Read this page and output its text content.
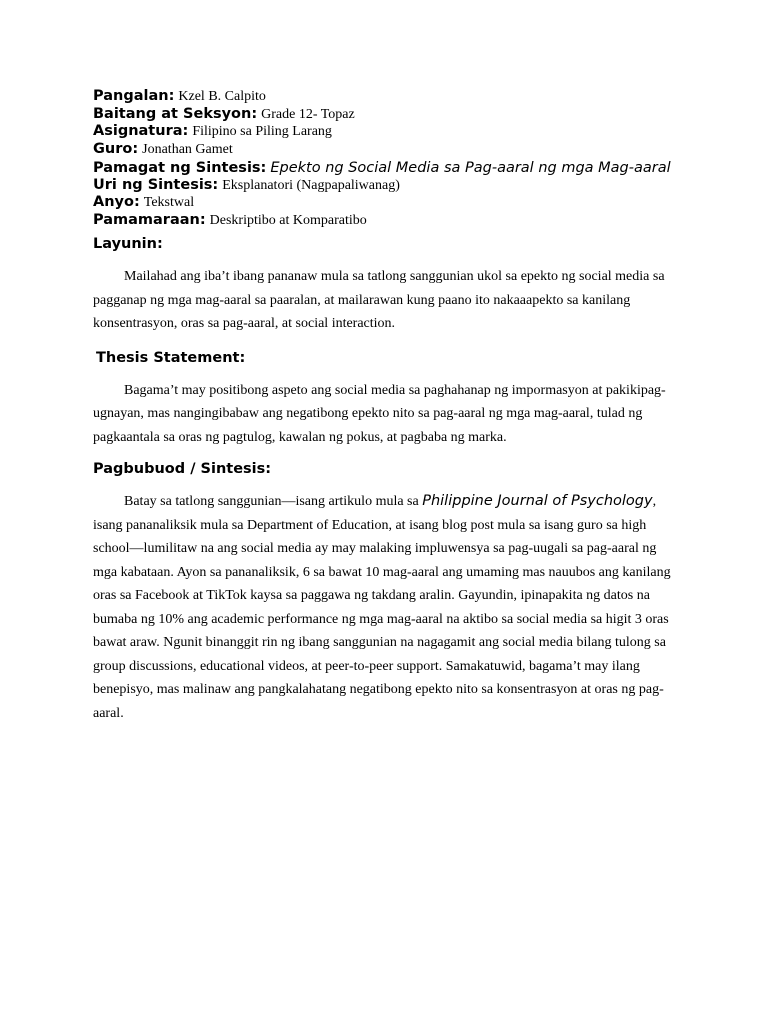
Pangalan: Kzel B. Calpito

Baitang at Seksyon: Grade 12- Topaz

Asignatura: Filipino sa Piling Larang

Guro: Jonathan Gamet

Pamagat ng Sintesis: Epekto ng Social Media sa Pag-aaral ng mga Mag-aaral

Uri ng Sintesis: Eksplanatori (Nagpapaliwanag)

Anyo: Tekstwal

Pamamaraan: Deskriptibo at Komparatibo

Layunin:

Mailahad ang iba’t ibang pananaw mula sa tatlong sanggunian ukol sa epekto ng social media sa pagganap ng mga mag-aaral sa paaralan, at mailarawan kung paano ito nakaaapekto sa kanilang konsentrasyon, oras sa pag-aaral, at social interaction.

Thesis Statement:

Bagama’t may positibong aspeto ang social media sa paghahanap ng impormasyon at pakikipag-ugnayan, mas nangingibabaw ang negatibong epekto nito sa pag-aaral ng mga mag-aaral, tulad ng pagkaantala sa oras ng pagtulog, kawalan ng pokus, at pagbaba ng marka.

Pagbubuod / Sintesis:

Batay sa tatlong sanggunian—isang artikulo mula sa Philippine Journal of Psychology, isang pananaliksik mula sa Department of Education, at isang blog post mula sa isang guro sa high school—lumilitaw na ang social media ay may malaking impluwensya sa pag-uugali sa pag-aaral ng mga kabataan. Ayon sa pananaliksik, 6 sa bawat 10 mag-aaral ang umaming mas nauubos ang kanilang oras sa Facebook at TikTok kaysa sa paggawa ng takdang aralin. Gayundin, ipinapakita ng datos na bumaba ng 10% ang academic performance ng mga mag-aaral na aktibo sa social media sa higit 3 oras bawat araw. Ngunit binanggit rin ng ibang sanggunian na nagagamit ang social media bilang tulong sa group discussions, educational videos, at peer-to-peer support. Samakatuwid, bagama’t may ilang benepisyo, mas malinaw ang pangkalahatang negatibong epekto nito sa konsentrasyon at oras ng pag-aaral.
